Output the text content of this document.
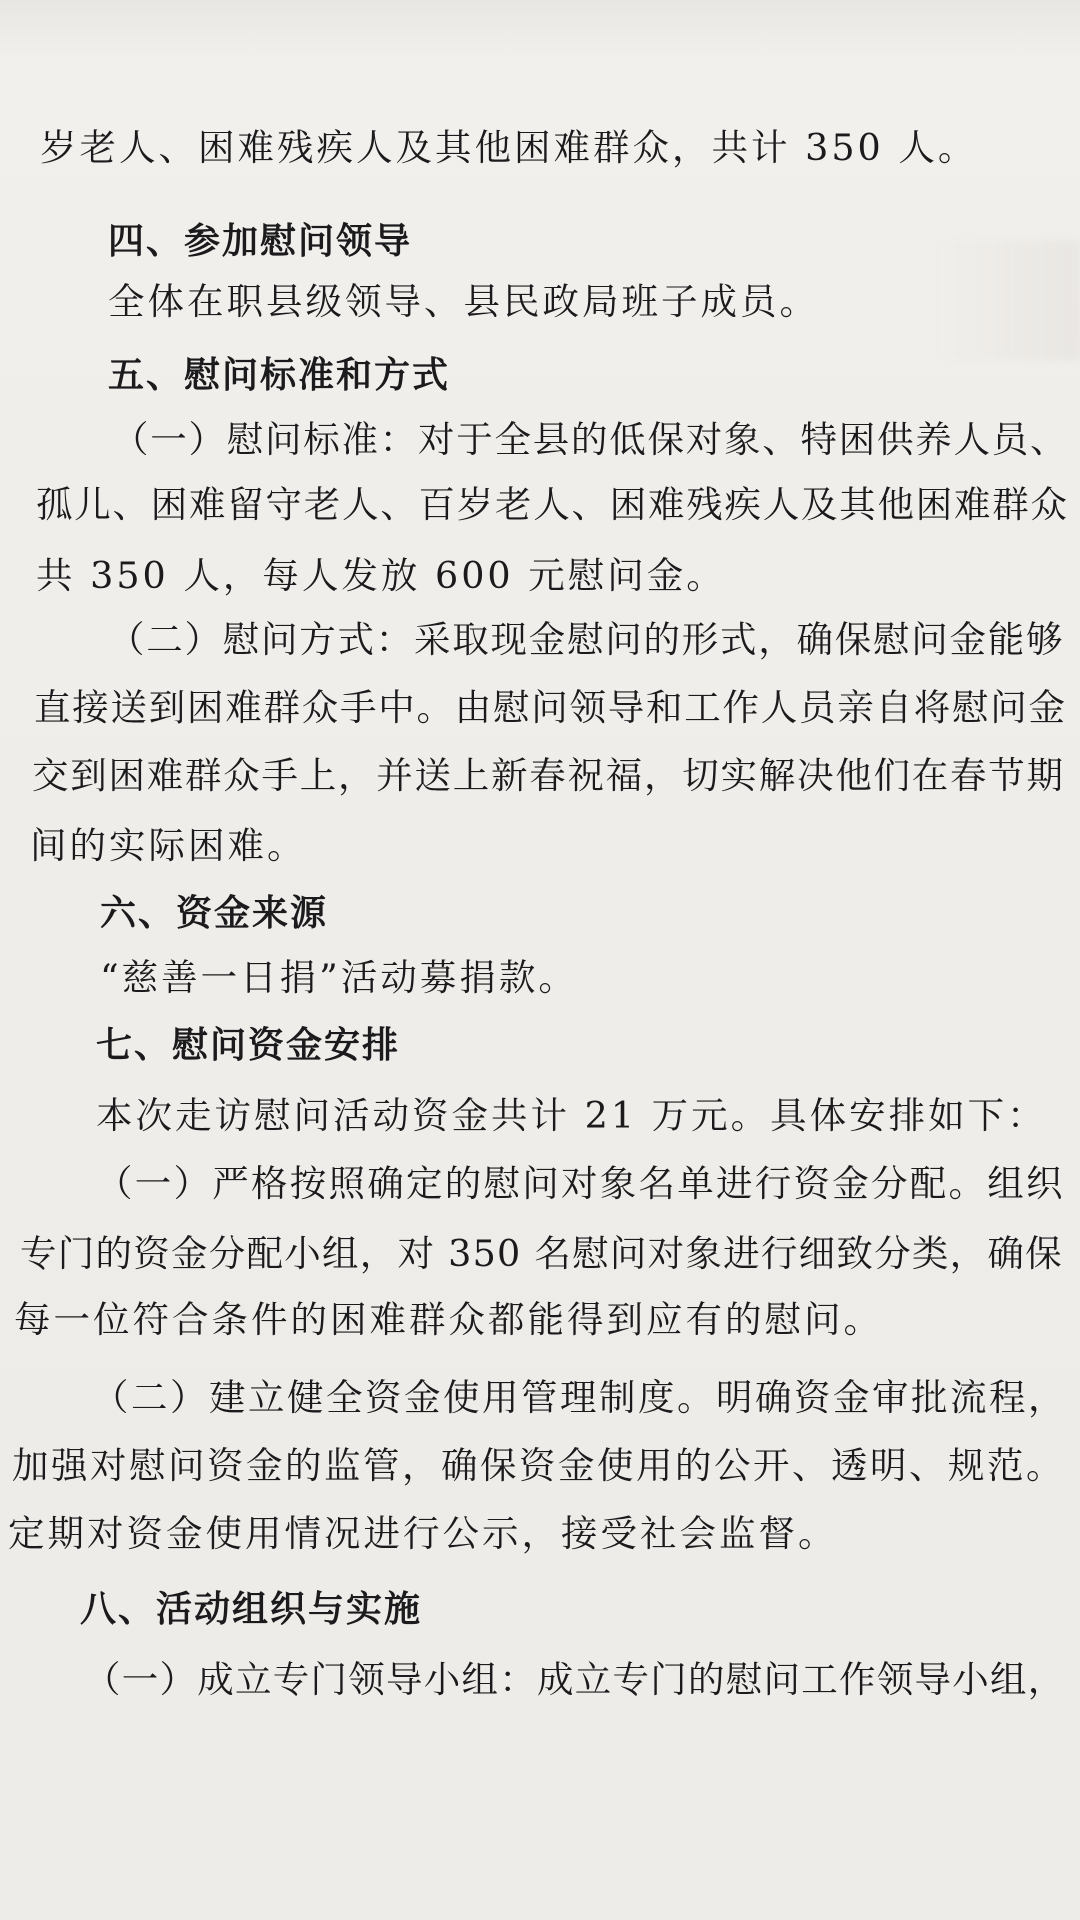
岁老人、困难残疾人及其他困难群众，共计 350 人。
四、参加慰问领导
全体在职县级领导、县民政局班子成员。
五、慰问标准和方式
（一）慰问标准：对于全县的低保对象、特困供养人员、
孤儿、困难留守老人、百岁老人、困难残疾人及其他困难群众
共 350 人，每人发放 600 元慰问金。
（二）慰问方式：采取现金慰问的形式，确保慰问金能够
直接送到困难群众手中。由慰问领导和工作人员亲自将慰问金
交到困难群众手上，并送上新春祝福，切实解决他们在春节期
间的实际困难。
六、资金来源
“慈善一日捐”活动募捐款。
七、慰问资金安排
本次走访慰问活动资金共计 21 万元。具体安排如下：
（一）严格按照确定的慰问对象名单进行资金分配。组织
专门的资金分配小组，对 350 名慰问对象进行细致分类，确保
每一位符合条件的困难群众都能得到应有的慰问。
（二）建立健全资金使用管理制度。明确资金审批流程，
加强对慰问资金的监管，确保资金使用的公开、透明、规范。
定期对资金使用情况进行公示，接受社会监督。
八、活动组织与实施
（一）成立专门领导小组：成立专门的慰问工作领导小组，
